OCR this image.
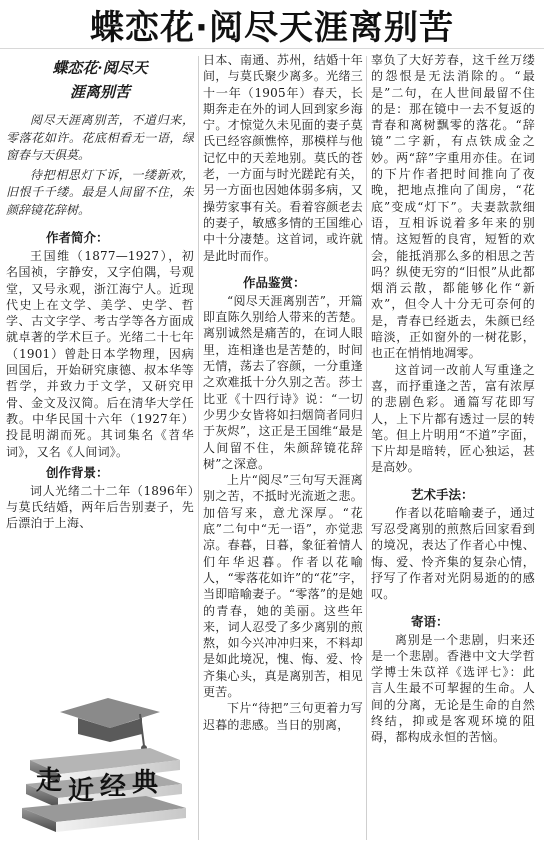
蝶恋花·阅尽天涯离别苦
蝶恋花·阅尽天
涯离别苦

阅尽天涯离别苦，不道归来，零落花如许。花底相看无一语，绿窗春与天俱莫。

待把相思灯下诉，一缕新欢，旧恨千千缕。最是人间留不住，朱颜辞镜花辞树。

作者简介：

王国维（1877—1927），初名国祯，字静安，又字伯隅，号观堂，又号永观，浙江海宁人。近现代史上在文学、美学、史学、哲学、古文字学、考古学等各方面成就卓著的学术巨子。光绪二十七年（1901）曾赴日本学物理，因病回国后，开始研究康德、叔本华等哲学，并致力于文学，又研究甲骨、金文及汉简。后在清华大学任教。中华民国十六年（1927年）投昆明湖而死。其词集名《苕华词》，又名《人间词》。

创作背景：

词人光绪二十二年（1896年）与莫氏结婚，两年后告别妻子，先后漂泊于上海、

日本、南通、苏州，结婚十年间，与莫氏聚少离多。光绪三十一年（1905年）春天，长期奔走在外的词人回到家乡海宁。才惊觉久未见面的妻子莫氏已经容颜憔悴，那模样与他记忆中的天差地别。莫氏的苍老，一方面与时光蹉跎有关，另一方面也因她体弱多病，又操劳家事有关。看着容颜老去的妻子，敏感多情的王国维心中十分凄楚。这首词，或许就是此时而作。

作品鉴赏：

“阅尽天涯离别苦”，开篇即直陈久别给人带来的苦楚。离别诚然是痛苦的，在词人眼里，连相逢也是苦楚的，时间无情，荡去了容颜，一分重逢之欢难抵十分久别之苦。莎士比亚《十四行诗》说：“一切少男少女皆将如扫烟筒者同归于灰烬”，这正是王国维“最是人间留不住，朱颜辞镜花辞树”之深意。

上片“阅尽”三句写天涯离别之苦，不抵时光流逝之悲。加倍写来，意尤深厚。“花底”二句中“无一语”，亦觉悲凉。春暮，日暮，象征着情人们年华迟暮。作者以花喻人，“零落花如许”的“花”字，当即暗喻妻子。“零落”的是她的青春，她的美丽。这些年来，词人忍受了多少离别的煎熬，如今兴冲冲归来，不料却是如此境况，愧、悔、爱、怜齐集心头，真是离别苦，相见更苦。

下片“待把”三句更着力写迟暮的悲感。当日的别离，

辜负了大好芳春，这千丝万缕的怨恨是无法消除的。“最是”二句，在人世间最留不住的是：那在镜中一去不复返的青春和离树飘零的落花。“辞镜”二字新，有点铁成金之妙。两“辞”字重用亦佳。在词的下片作者把时间推向了夜晚，把地点推向了闺房，“花底”变成“灯下”。夫妻款款细语，互相诉说着多年来的别情。这短暂的良宵，短暂的欢会，能抵消那么多的相思之苦吗？纵使无穷的“旧恨”从此都烟消云散，都能够化作“新欢”，但令人十分无可奈何的是，青春已经逝去，朱颜已经暗淡，正如窗外的一树花影，也正在悄悄地凋零。

这首词一改前人写重逢之喜，而抒重逢之苦，富有浓厚的悲剧色彩。通篇写花即写人，上下片都有透过一层的转笔。但上片明用“不道”字面，下片却是暗转，匠心独运，甚是高妙。

艺术手法：

作者以花暗喻妻子，通过写忍受离别的煎熬后回家看到的境况，表达了作者心中愧、悔、爱、怜齐集的复杂心情，抒写了作者对光阴易逝的的感叹。

寄语：

离别是一个悲剧，归来还是一个悲剧。香港中文大学哲学博士朱苡祥《选评七》：此言人生最不可挈握的生命。人间的分离，无论是生命的自然终结，抑或是客观环境的阻碍，都构成永恒的苦恼。

走近经典
